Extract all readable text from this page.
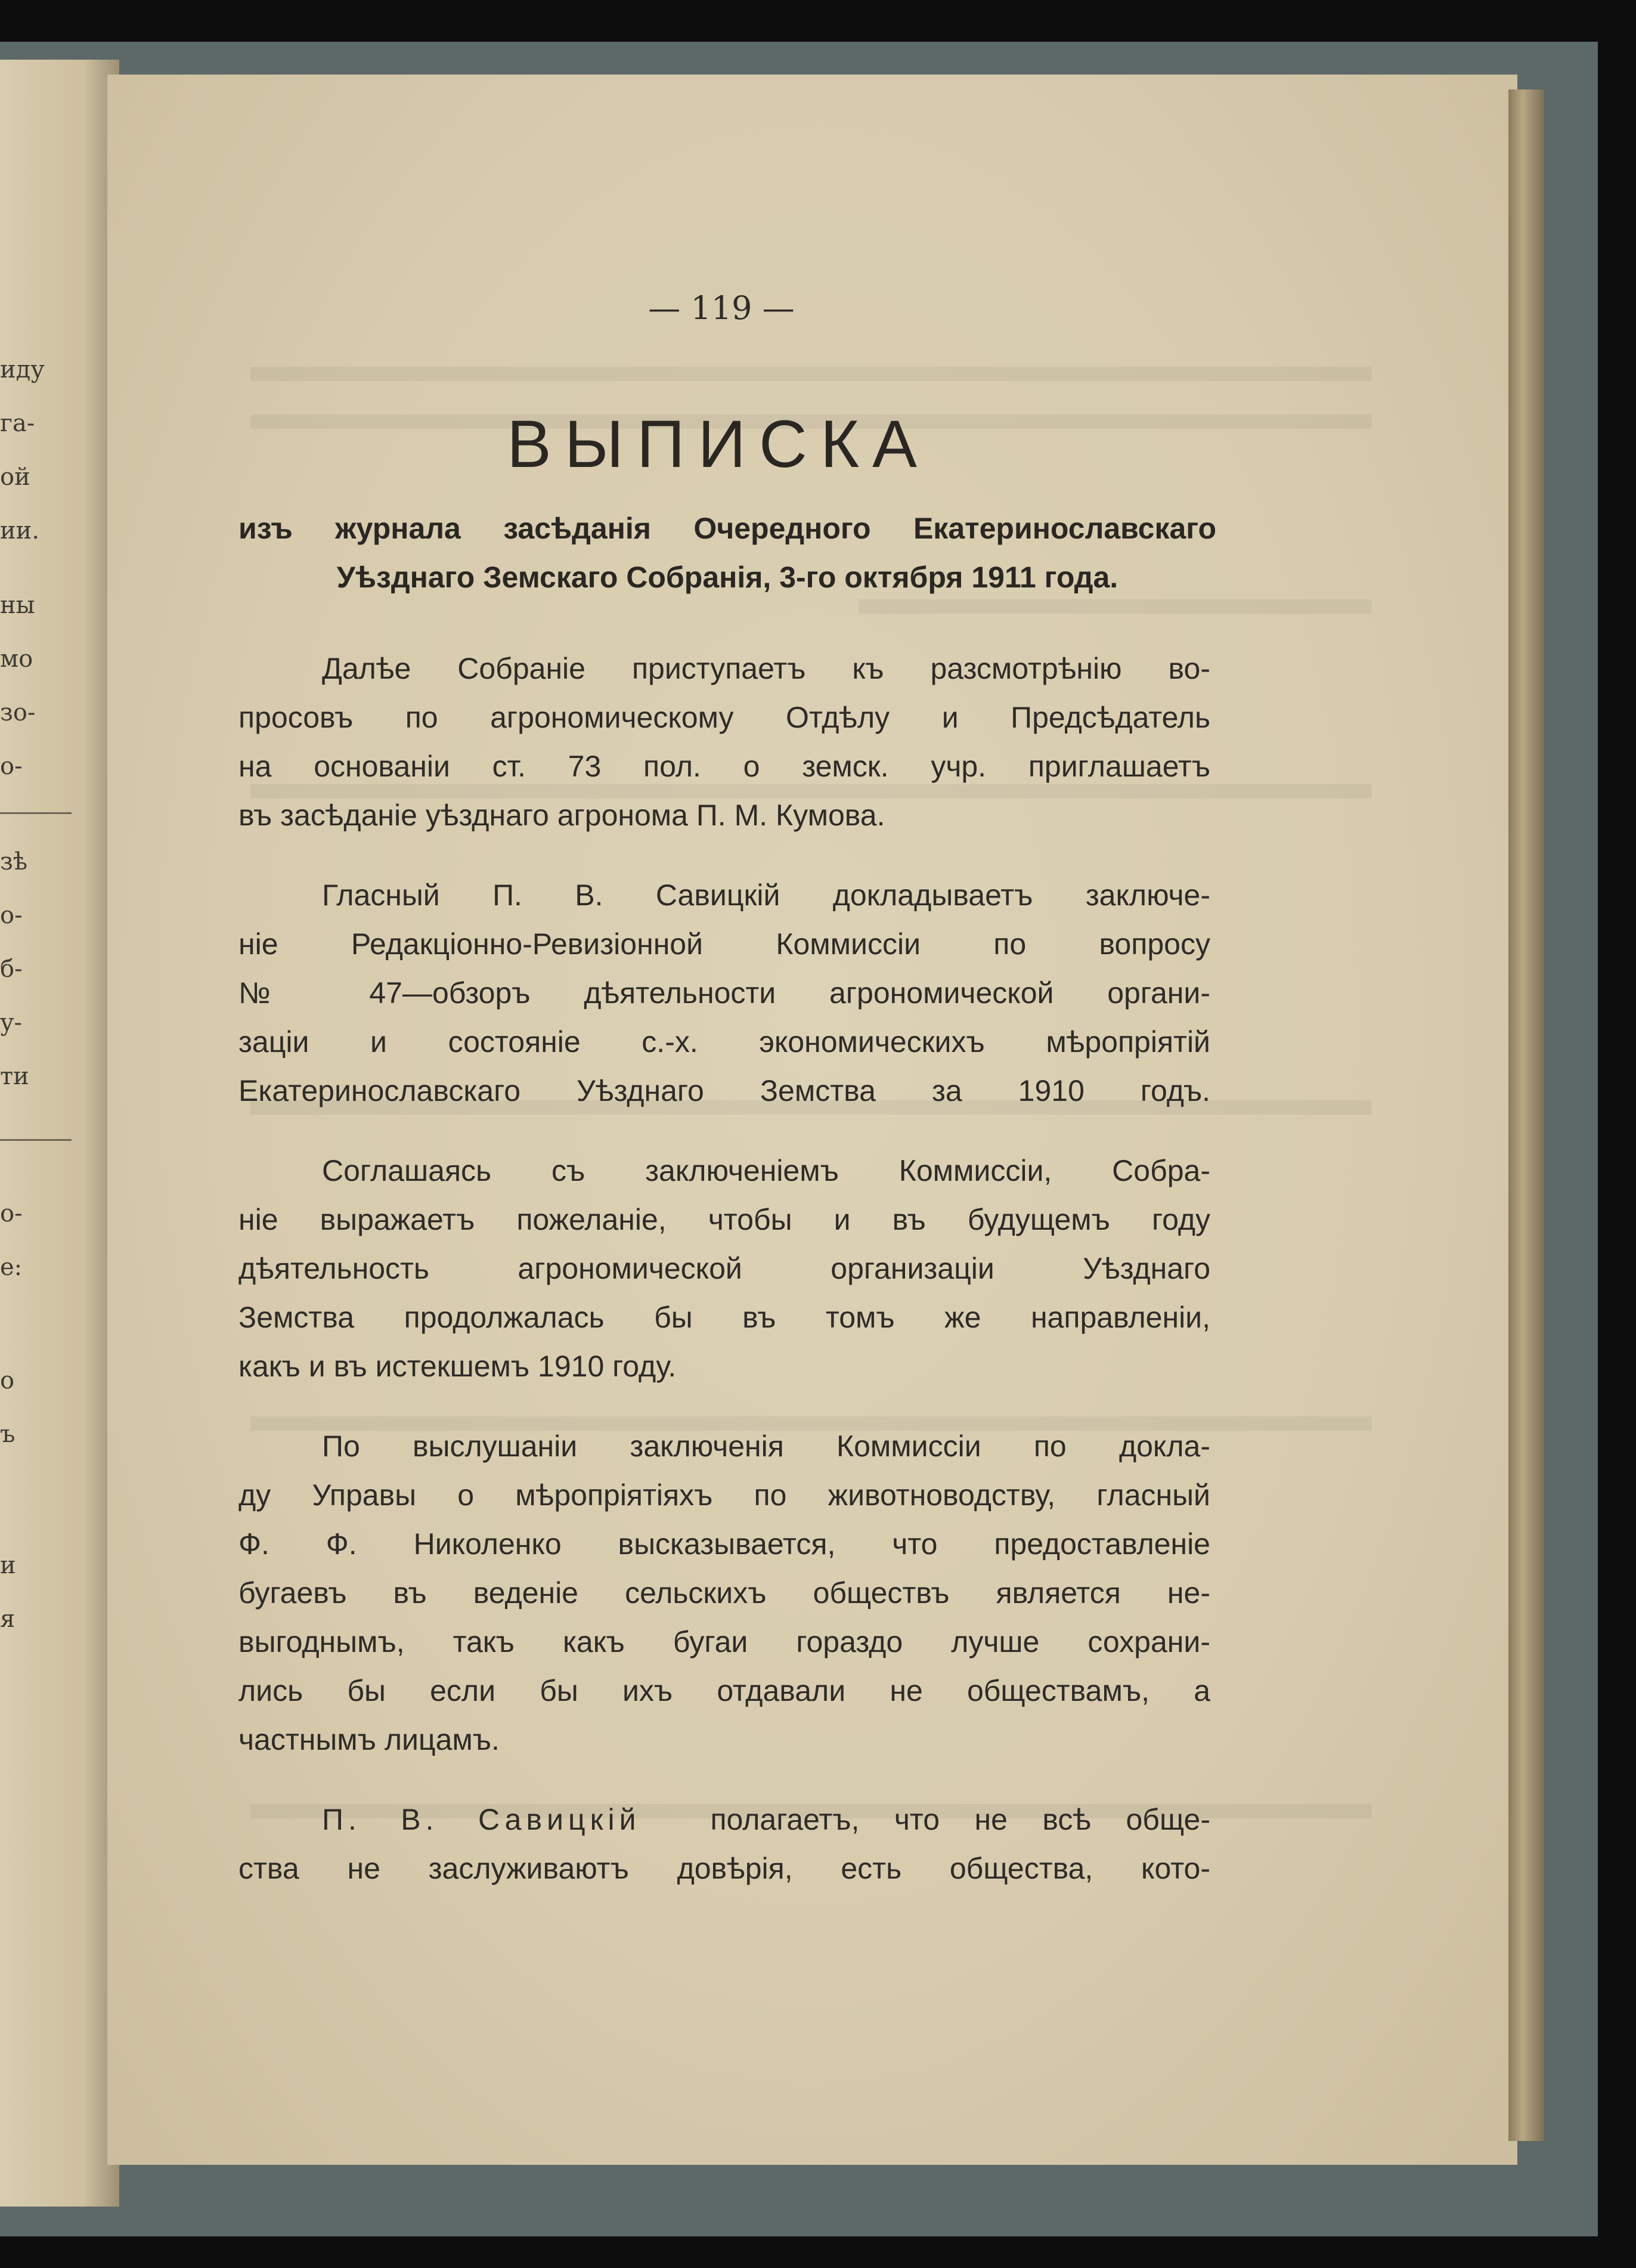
иду
га-
ой
ии.
ны
мо
зо-
о-
зѣ
о-
б-
у-
ти
о-
е:
о
ъ
и
я
— 119 —
ВЫПИСКА
изъ журнала засѣданія Очередного Екатеринославскаго
Уѣзднаго Земскаго Собранія, 3-го октября 1911 года.
Далѣе Собраніе приступаетъ къ разсмотрѣнію во-
просовъ по агрономическому Отдѣлу и Предсѣдатель
на основаніи ст. 73 пол. о земск. учр. приглашаетъ
въ засѣданіе уѣзднаго агронома П. М. Кумова.
Гласный П. В. Савицкій докладываетъ заключе-
ніе Редакціонно-Ревизіонной Коммиссіи по вопросу
№ 47—обзоръ дѣятельности агрономической органи-
заціи и состояніе с.-х. экономическихъ мѣропріятій
Екатеринославскаго Уѣзднаго Земства за 1910 годъ.
Соглашаясь съ заключеніемъ Коммиссіи, Собра-
ніе выражаетъ пожеланіе, чтобы и въ будущемъ году
дѣятельность агрономической организаціи Уѣзднаго
Земства продолжалась бы въ томъ же направленіи,
какъ и въ истекшемъ 1910 году.
По выслушаніи заключенія Коммиссіи по доклa-
ду Управы о мѣропріятіяхъ по животноводству, гласный
Ф. Ф. Николенко высказывается, что предоставленіе
бугаевъ въ веденіе сельскихъ обществъ является не-
выгоднымъ, такъ какъ бугаи гораздо лучше сохрани-
лись бы если бы ихъ отдавали не обществамъ, а
частнымъ лицамъ.
П. В. Савицкій полагаетъ, что не всѣ обще-
ства не заслуживаютъ довѣрія, есть общества, кото-
